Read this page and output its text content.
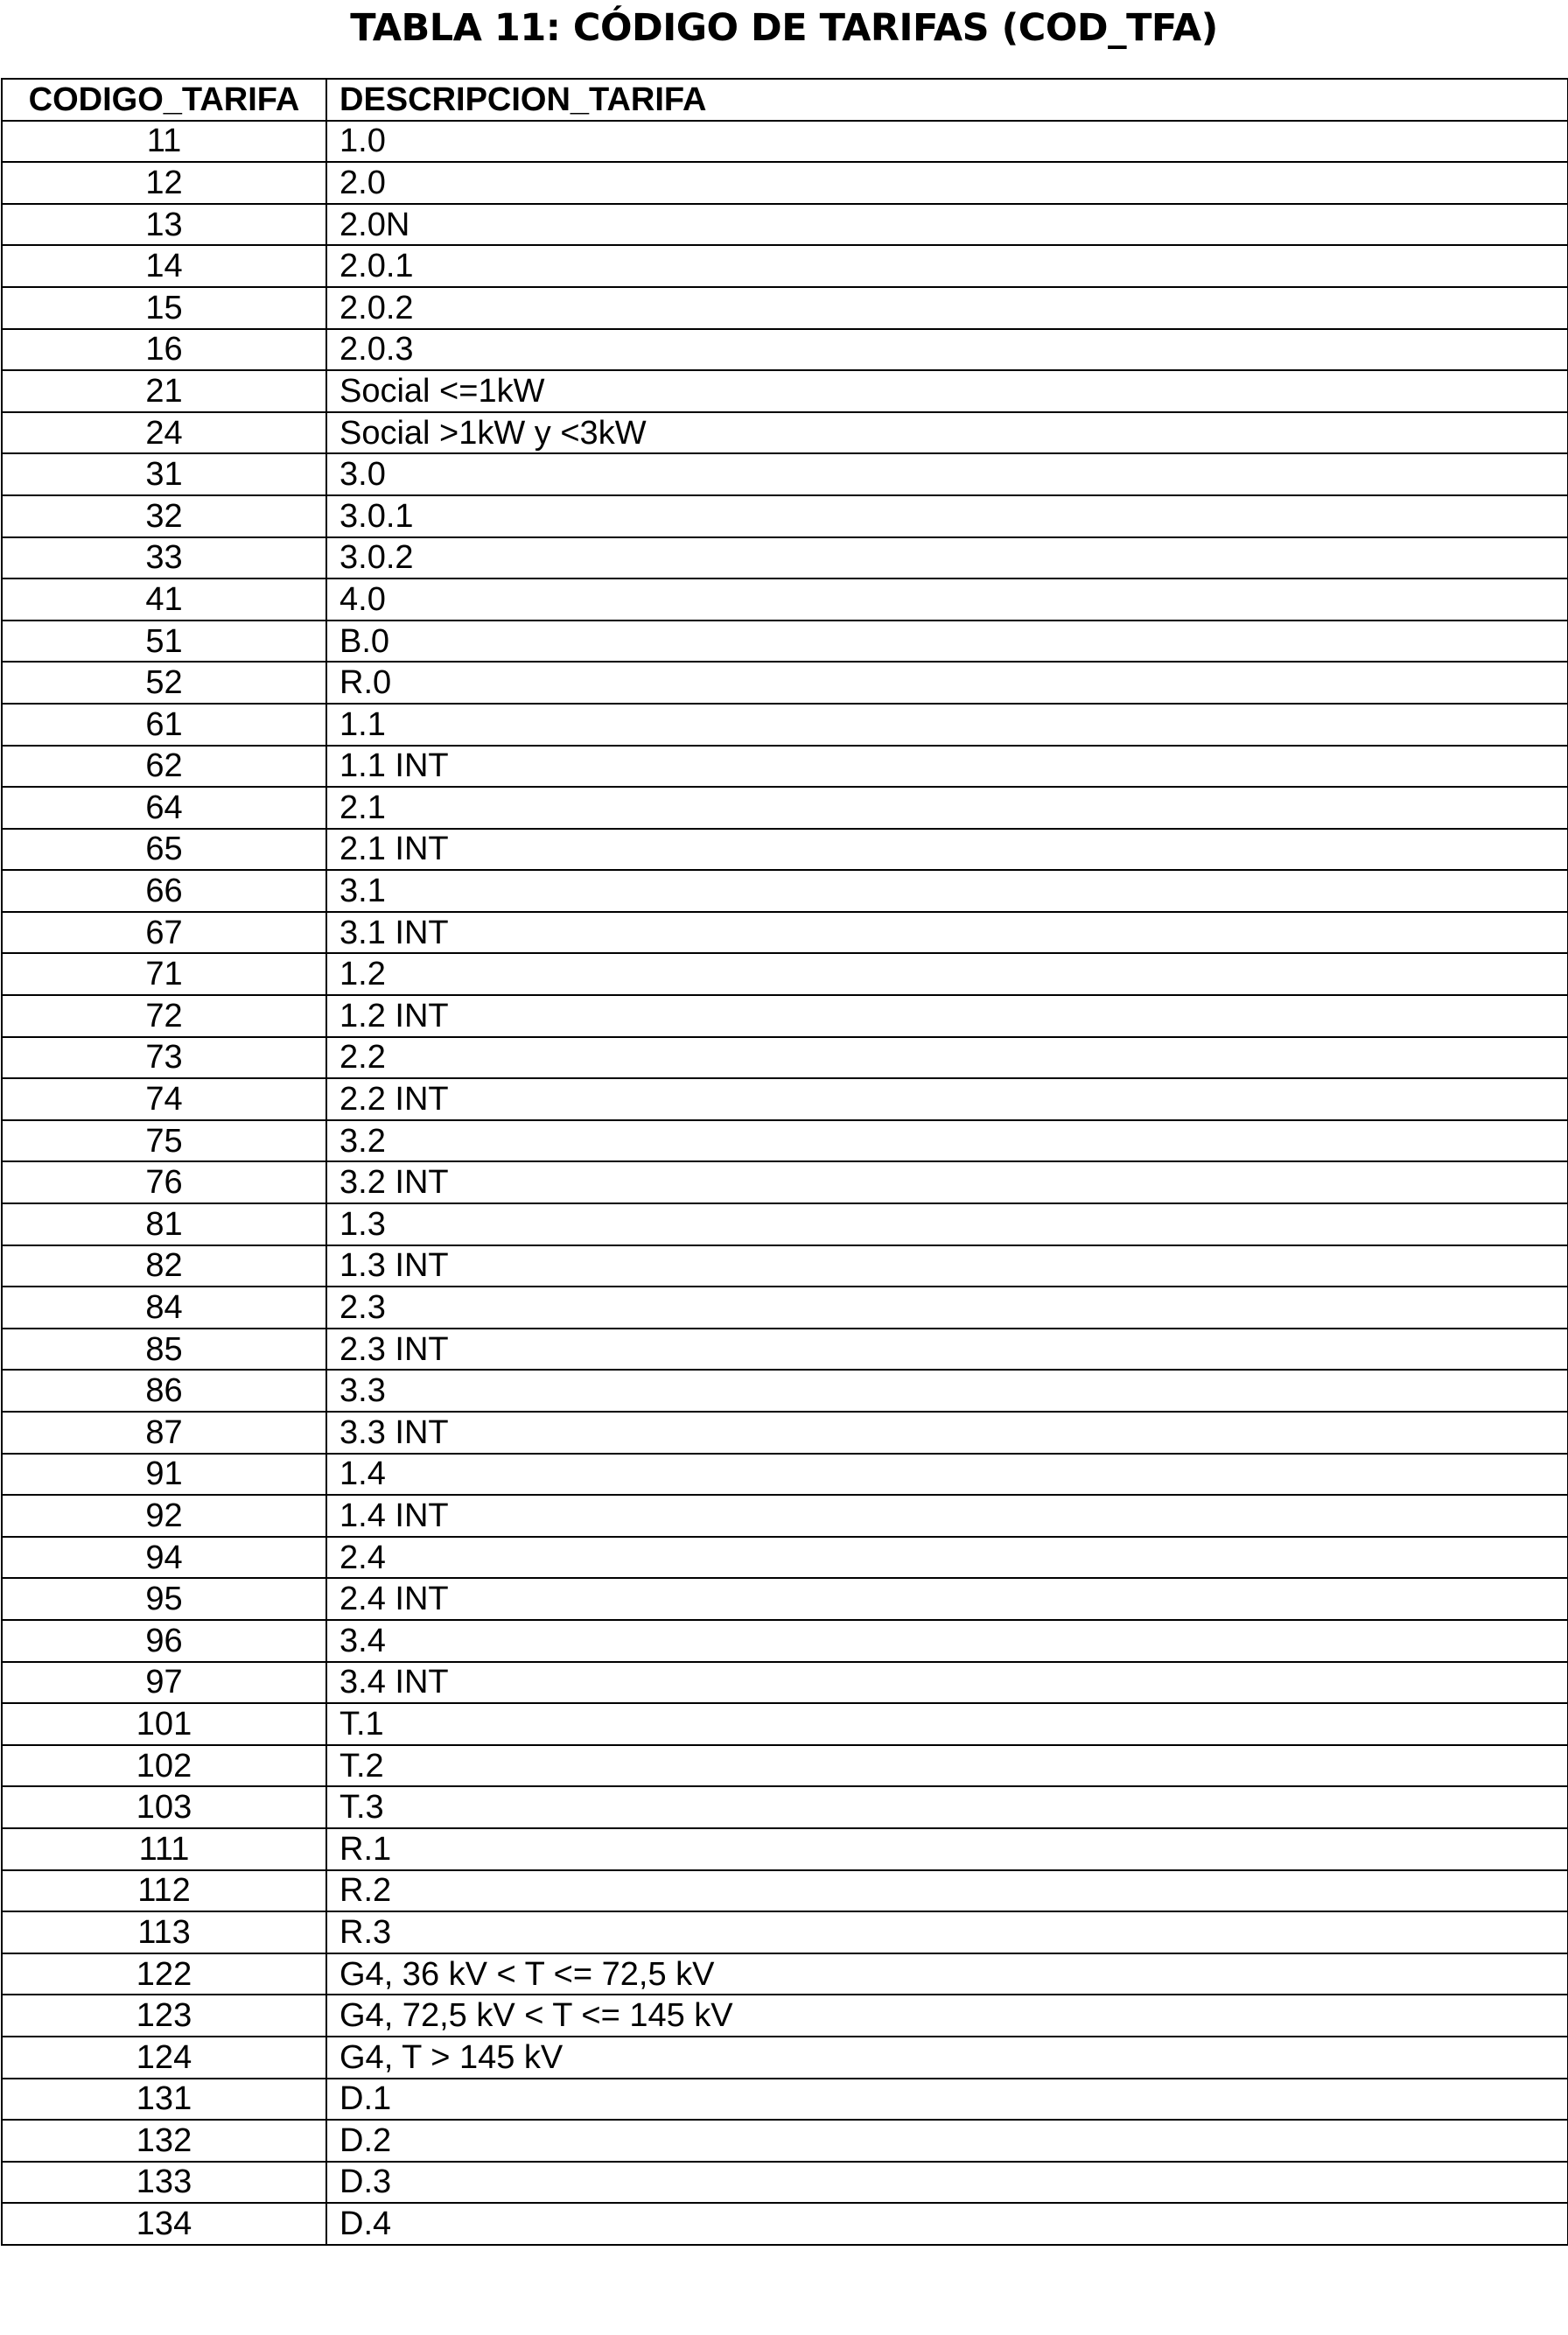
TABLA 11: CÓDIGO DE TARIFAS (COD_TFA)
CODIGO_TARIFA	DESCRIPCION_TARIFA
11	1.0
12	2.0
13	2.0N
14	2.0.1
15	2.0.2
16	2.0.3
21	Social <=1kW
24	Social >1kW y <3kW
31	3.0
32	3.0.1
33	3.0.2
41	4.0
51	B.0
52	R.0
61	1.1
62	1.1 INT
64	2.1
65	2.1 INT
66	3.1
67	3.1 INT
71	1.2
72	1.2 INT
73	2.2
74	2.2 INT
75	3.2
76	3.2 INT
81	1.3
82	1.3 INT
84	2.3
85	2.3 INT
86	3.3
87	3.3 INT
91	1.4
92	1.4 INT
94	2.4
95	2.4 INT
96	3.4
97	3.4 INT
101	T.1
102	T.2
103	T.3
111	R.1
112	R.2
113	R.3
122	G4, 36 kV < T <= 72,5 kV
123	G4, 72,5 kV < T <= 145 kV
124	G4, T > 145 kV
131	D.1
132	D.2
133	D.3
134	D.4
